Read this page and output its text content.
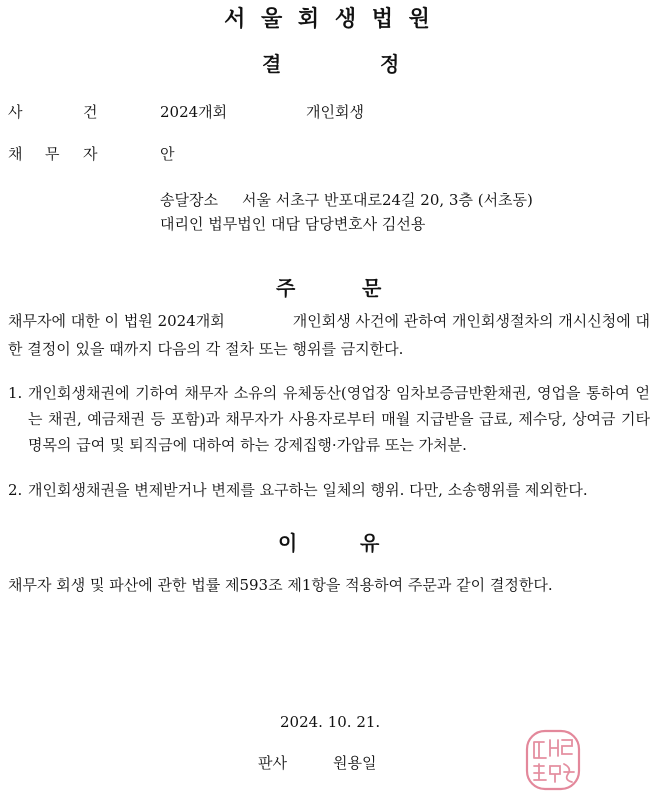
서 울 회 생 법 원
결	정
사	건	2024개회	개인회생
채 무 자	안
송달장소 서울 서초구 반포대로24길 20, 3층 (서초동)
대리인 법무법인 대담 담당변호사 김선용
주	문
채무자에 대한 이 법원 2024개회	개인회생 사건에 관하여 개인회생절차의 개시신청에 대한 결정이 있을 때까지 다음의 각 절차 또는 행위를 금지한다.
1. 개인회생채권에 기하여 채무자 소유의 유체동산(영업장 임차보증금반환채권, 영업을 통하여 얻는 채권, 예금채권 등 포함)과 채무자가 사용자로부터 매월 지급받을 급료, 제수당, 상여금 기타 명목의 급여 및 퇴직금에 대하여 하는 강제집행·가압류 또는 가처분.
2. 개인회생채권을 변제받거나 변제를 요구하는 일체의 행위. 다만, 소송행위를 제외한다.
이	유
채무자 회생 및 파산에 관한 법률 제593조 제1항을 적용하여 주문과 같이 결정한다.
2024. 10. 21.
판사	원용일
